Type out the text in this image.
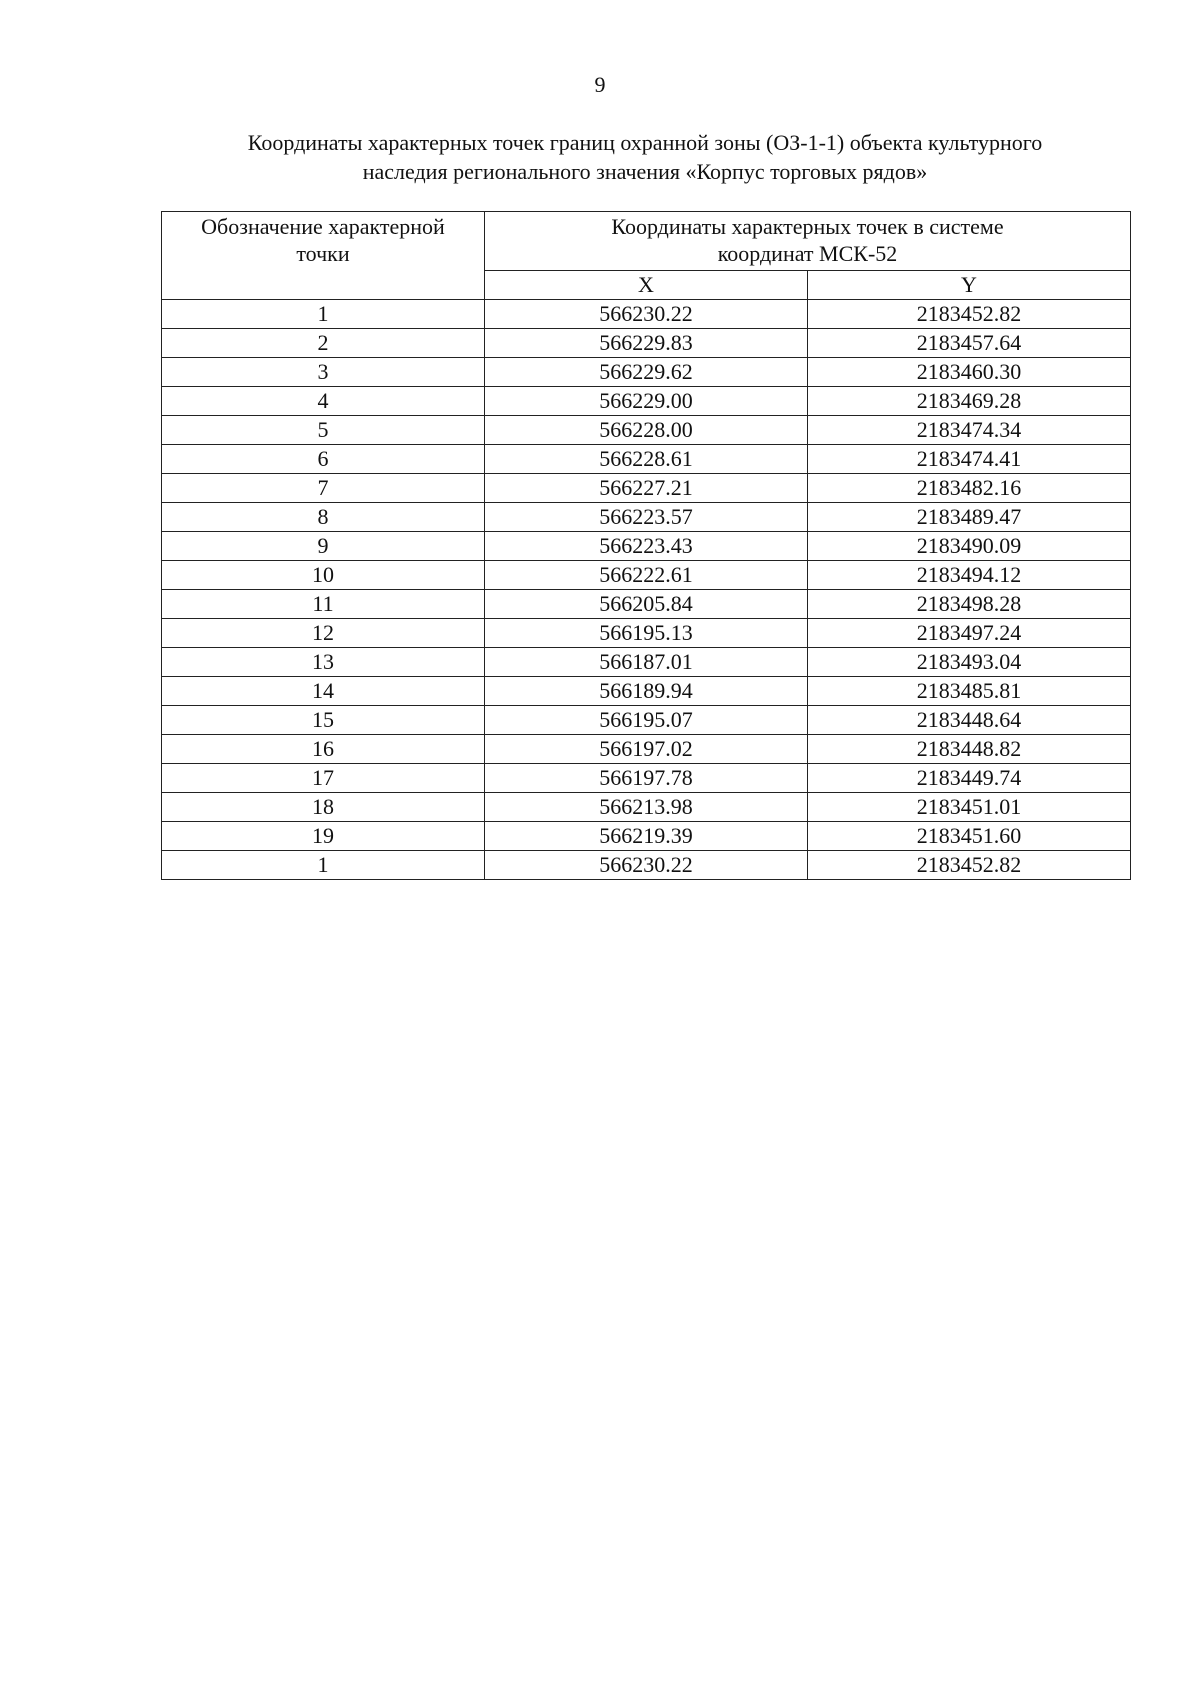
9
Координаты характерных точек границ охранной зоны (ОЗ-1-1) объекта культурного
наследия регионального значения «Корпус торговых рядов»
Обозначение характерной
точки	Координаты характерных точек в системе
координат МСК-52	

	X	Y
1	566230.22	2183452.82
2	566229.83	2183457.64
3	566229.62	2183460.30
4	566229.00	2183469.28
5	566228.00	2183474.34
6	566228.61	2183474.41
7	566227.21	2183482.16
8	566223.57	2183489.47
9	566223.43	2183490.09
10	566222.61	2183494.12
11	566205.84	2183498.28
12	566195.13	2183497.24
13	566187.01	2183493.04
14	566189.94	2183485.81
15	566195.07	2183448.64
16	566197.02	2183448.82
17	566197.78	2183449.74
18	566213.98	2183451.01
19	566219.39	2183451.60
1	566230.22	2183452.82
